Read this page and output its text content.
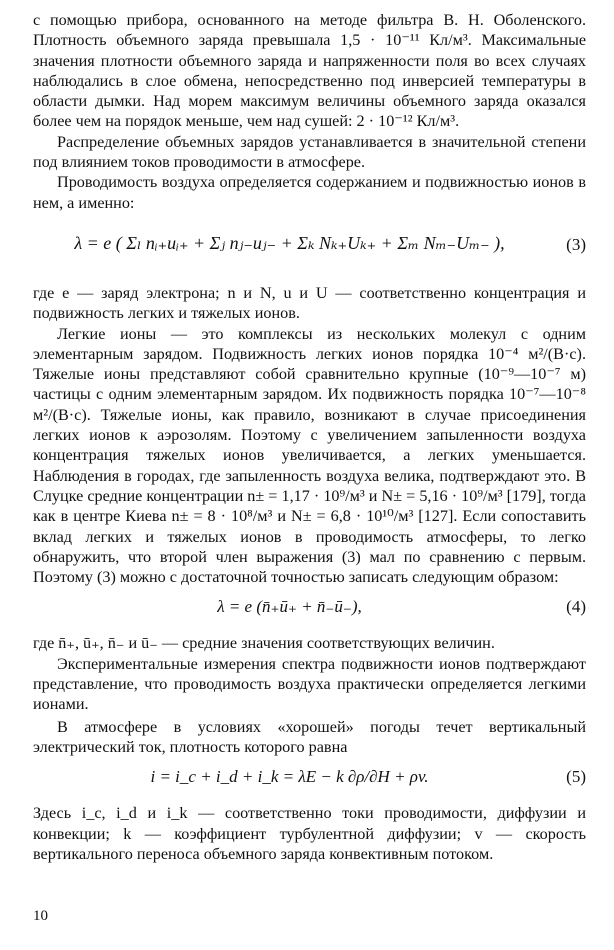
с помощью прибора, основанного на методе фильтра В. Н. Оболенского. Плотность объемного заряда превышала 1,5 · 10⁻¹¹ Кл/м³. Максимальные значения плотности объемного заряда и напряженности поля во всех случаях наблюдались в слое обмена, непосредственно под инверсией температуры в области дымки. Над морем максимум величины объемного заряда оказался более чем на порядок меньше, чем над сушей: 2 · 10⁻¹² Кл/м³.

Распределение объемных зарядов устанавливается в значительной степени под влиянием токов проводимости в атмосфере.

Проводимость воздуха определяется содержанием и подвижностью ионов в нем, а именно:

λ = e ( Σₗ nᵢ₊uᵢ₊ + Σⱼ nⱼ₋uⱼ₋ + Σₖ Nₖ₊Uₖ₊ + Σₘ Nₘ₋Uₘ₋ ),	(3)

где e — заряд электрона; n и N, u и U — соответственно концентрация и подвижность легких и тяжелых ионов.

Легкие ионы — это комплексы из нескольких молекул с одним элементарным зарядом. Подвижность легких ионов порядка 10⁻⁴ м²/(В·с). Тяжелые ионы представляют собой сравнительно крупные (10⁻⁹—10⁻⁷ м) частицы с одним элементарным зарядом. Их подвижность порядка 10⁻⁷—10⁻⁸ м²/(В·с). Тяжелые ионы, как правило, возникают в случае присоединения легких ионов к аэрозолям. Поэтому с увеличением запыленности воздуха концентрация тяжелых ионов увеличивается, а легких уменьшается. Наблюдения в городах, где запыленность воздуха велика, подтверждают это. В Слуцке средние концентрации n± = 1,17 · 10⁹/м³ и N± = 5,16 · 10⁹/м³ [179], тогда как в центре Киева n± = 8 · 10⁸/м³ и N± = 6,8 · 10¹⁰/м³ [127]. Если сопоставить вклад легких и тяжелых ионов в проводимость атмосферы, то легко обнаружить, что второй член выражения (3) мал по сравнению с первым. Поэтому (3) можно с достаточной точностью записать следующим образом:

λ = e (n̄₊ū₊ + n̄₋ū₋),	(4)

где n̄₊, ū₊, n̄₋ и ū₋ — средние значения соответствующих величин.

Экспериментальные измерения спектра подвижности ионов подтверждают представление, что проводимость воздуха практически определяется легкими ионами.

В атмосфере в условиях «хорошей» погоды течет вертикальный электрический ток, плотность которого равна

i = i_c + i_d + i_k = λE − k ∂ρ/∂H + ρv.	(5)

Здесь i_c, i_d и i_k — соответственно токи проводимости, диффузии и конвекции; k — коэффициент турбулентной диффузии; v — скорость вертикального переноса объемного заряда конвективным потоком.

10
